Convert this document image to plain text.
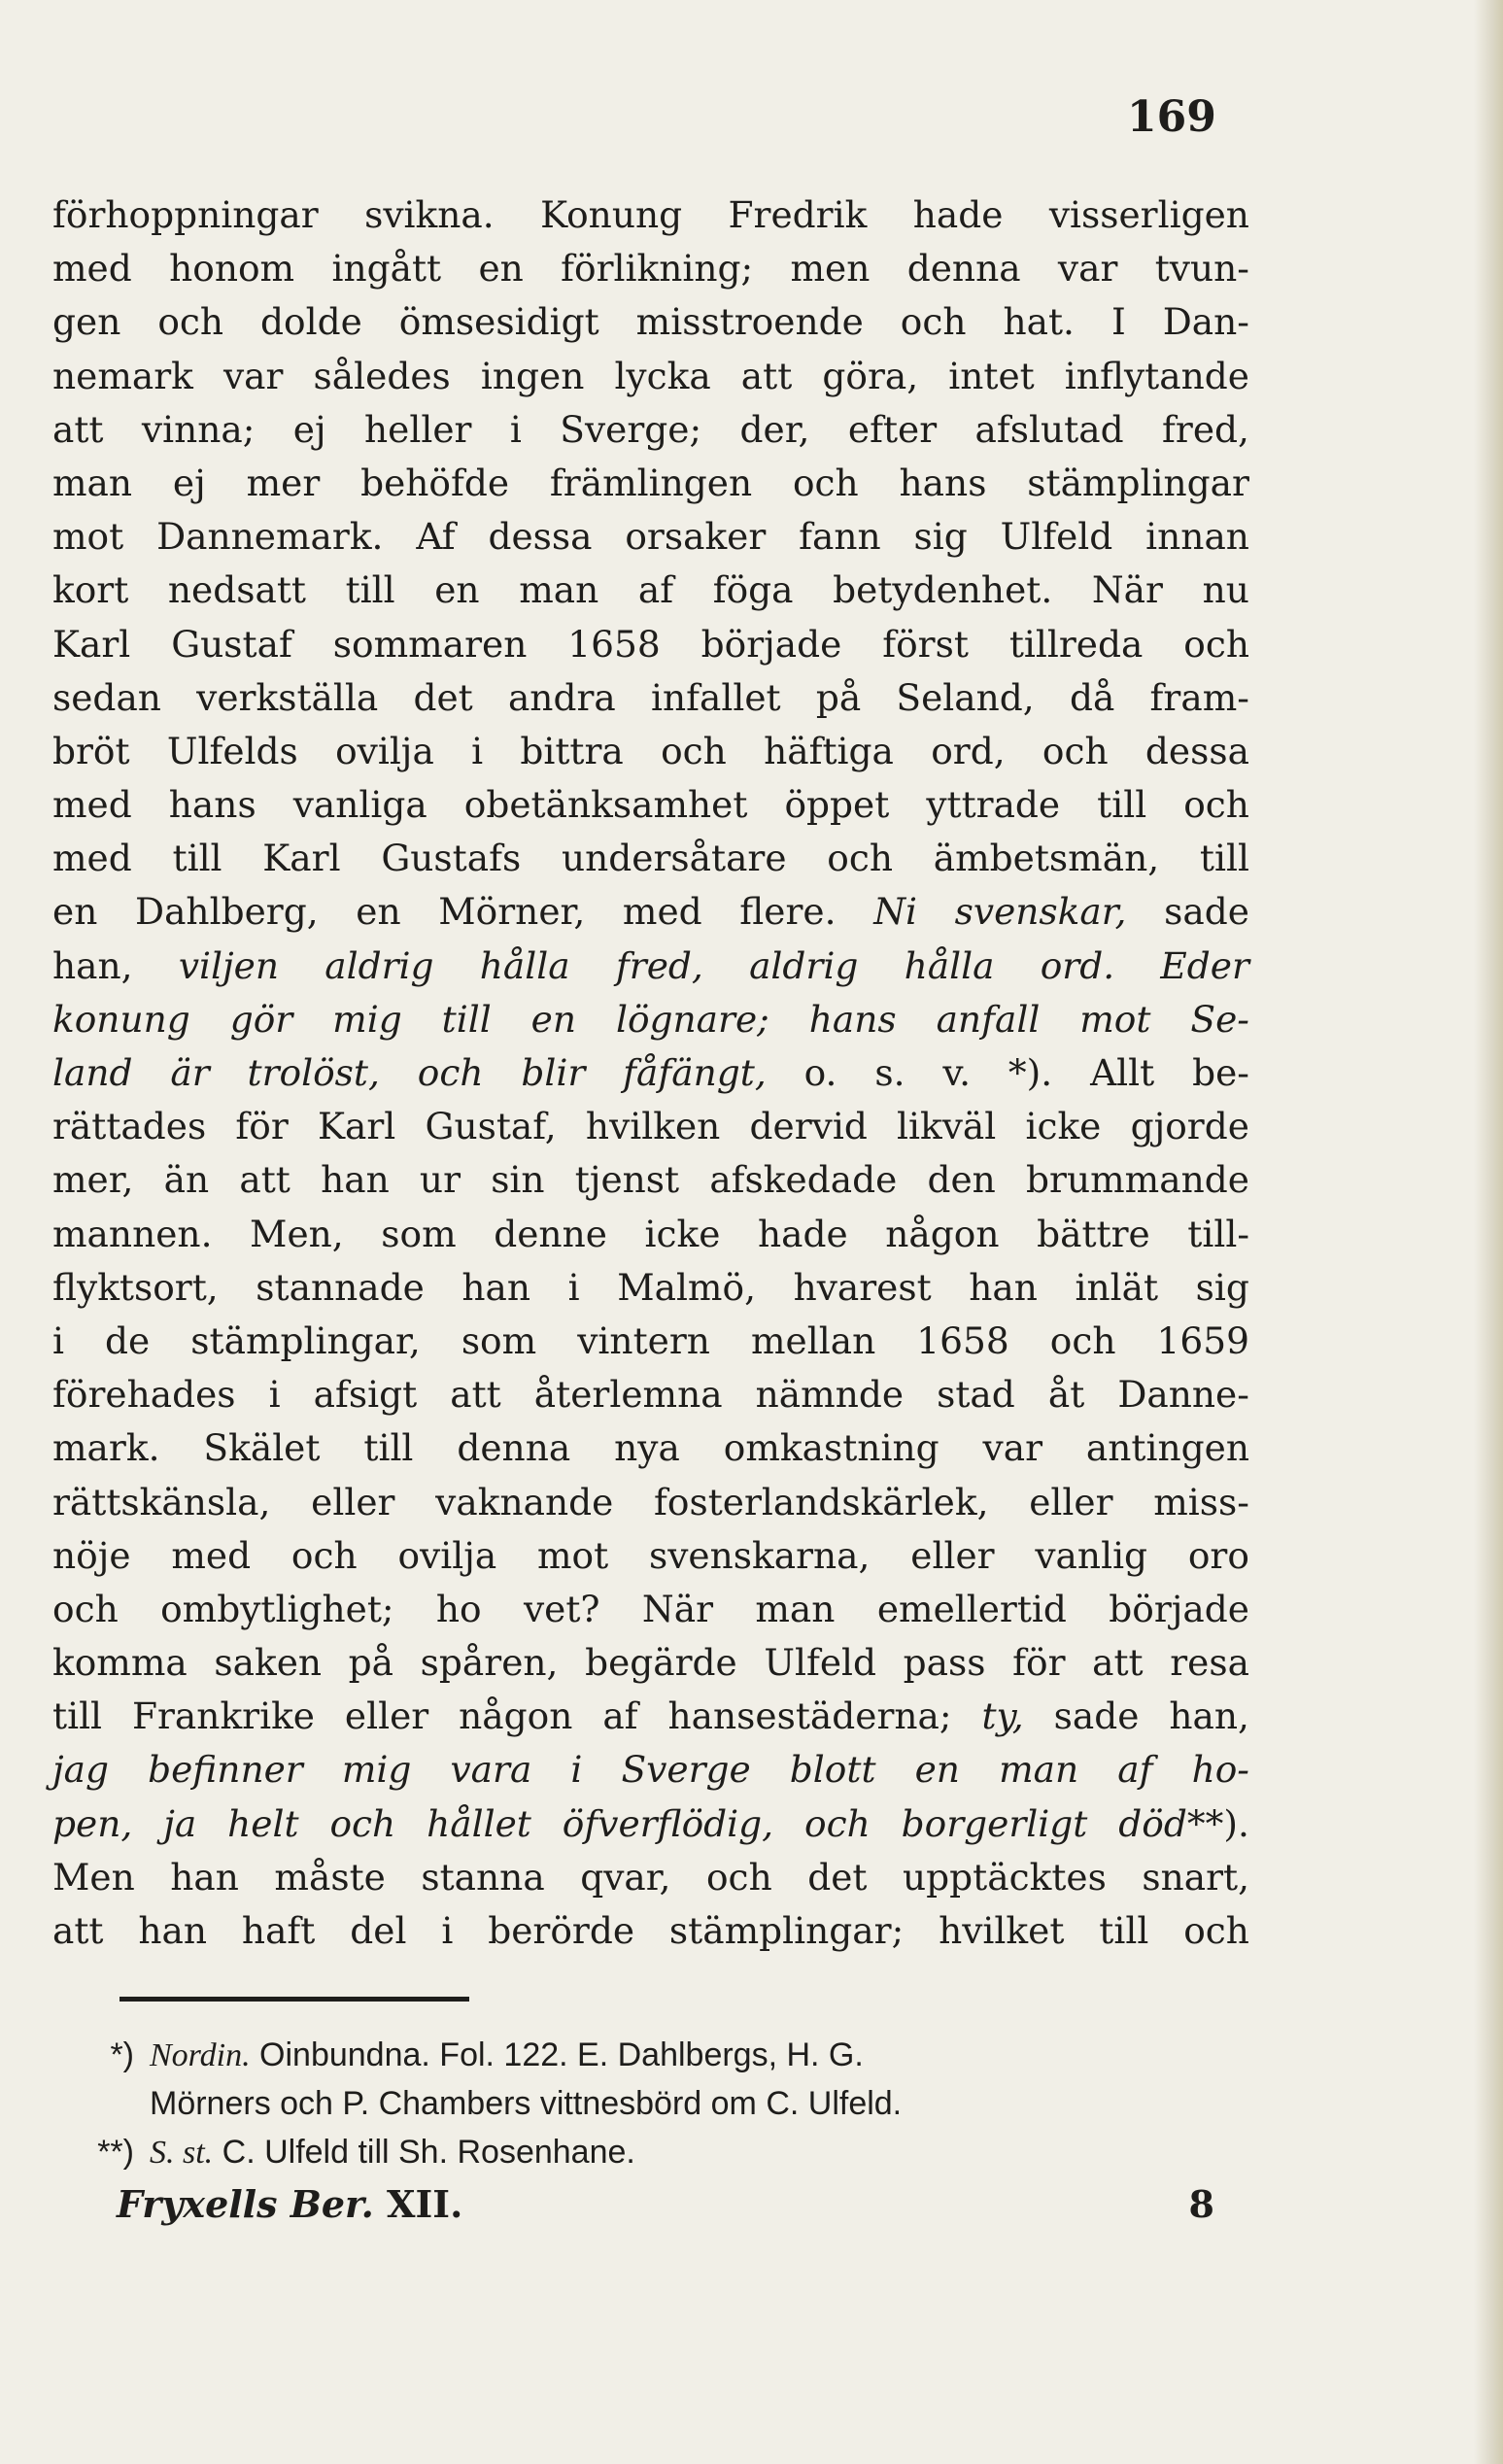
169
förhoppningar svikna. Konung Fredrik hade visserligen
med honom ingått en förlikning; men denna var tvun-
gen och dolde ömsesidigt misstroende och hat. I Dan-
nemark var således ingen lycka att göra, intet inflytande
att vinna; ej heller i Sverge; der, efter afslutad fred,
man ej mer behöfde främlingen och hans stämplingar
mot Dannemark. Af dessa orsaker fann sig Ulfeld innan
kort nedsatt till en man af föga betydenhet. När nu
Karl Gustaf sommaren 1658 började först tillreda och
sedan verkställa det andra infallet på Seland, då fram-
bröt Ulfelds ovilja i bittra och häftiga ord, och dessa
med hans vanliga obetänksamhet öppet yttrade till och
med till Karl Gustafs undersåtare och ämbetsmän, till
en Dahlberg, en Mörner, med flere. Ni svenskar, sade
han, viljen aldrig hålla fred, aldrig hålla ord. Eder
konung gör mig till en lögnare; hans anfall mot Se-
land är trolöst, och blir fåfängt, o. s. v. *). Allt be-
rättades för Karl Gustaf, hvilken dervid likväl icke gjorde
mer, än att han ur sin tjenst afskedade den brummande
mannen. Men, som denne icke hade någon bättre till-
flyktsort, stannade han i Malmö, hvarest han inlät sig
i de stämplingar, som vintern mellan 1658 och 1659
förehades i afsigt att återlemna nämnde stad åt Danne-
mark. Skälet till denna nya omkastning var antingen
rättskänsla, eller vaknande fosterlandskärlek, eller miss-
nöje med och ovilja mot svenskarna, eller vanlig oro
och ombytlighet; ho vet? När man emellertid började
komma saken på spåren, begärde Ulfeld pass för att resa
till Frankrike eller någon af hansestäderna; ty, sade han,
jag befinner mig vara i Sverge blott en man af ho-
pen, ja helt och hållet öfverflödig, och borgerligt död**).
Men han måste stanna qvar, och det upptäcktes snart,
att han haft del i berörde stämplingar; hvilket till och
*) Nordin. Oinbundna. Fol. 122. E. Dahlbergs, H. G.
Mörners och P. Chambers vittnesbörd om C. Ulfeld.
**) S. st. C. Ulfeld till Sh. Rosenhane.
Fryxells Ber. XII.	8
